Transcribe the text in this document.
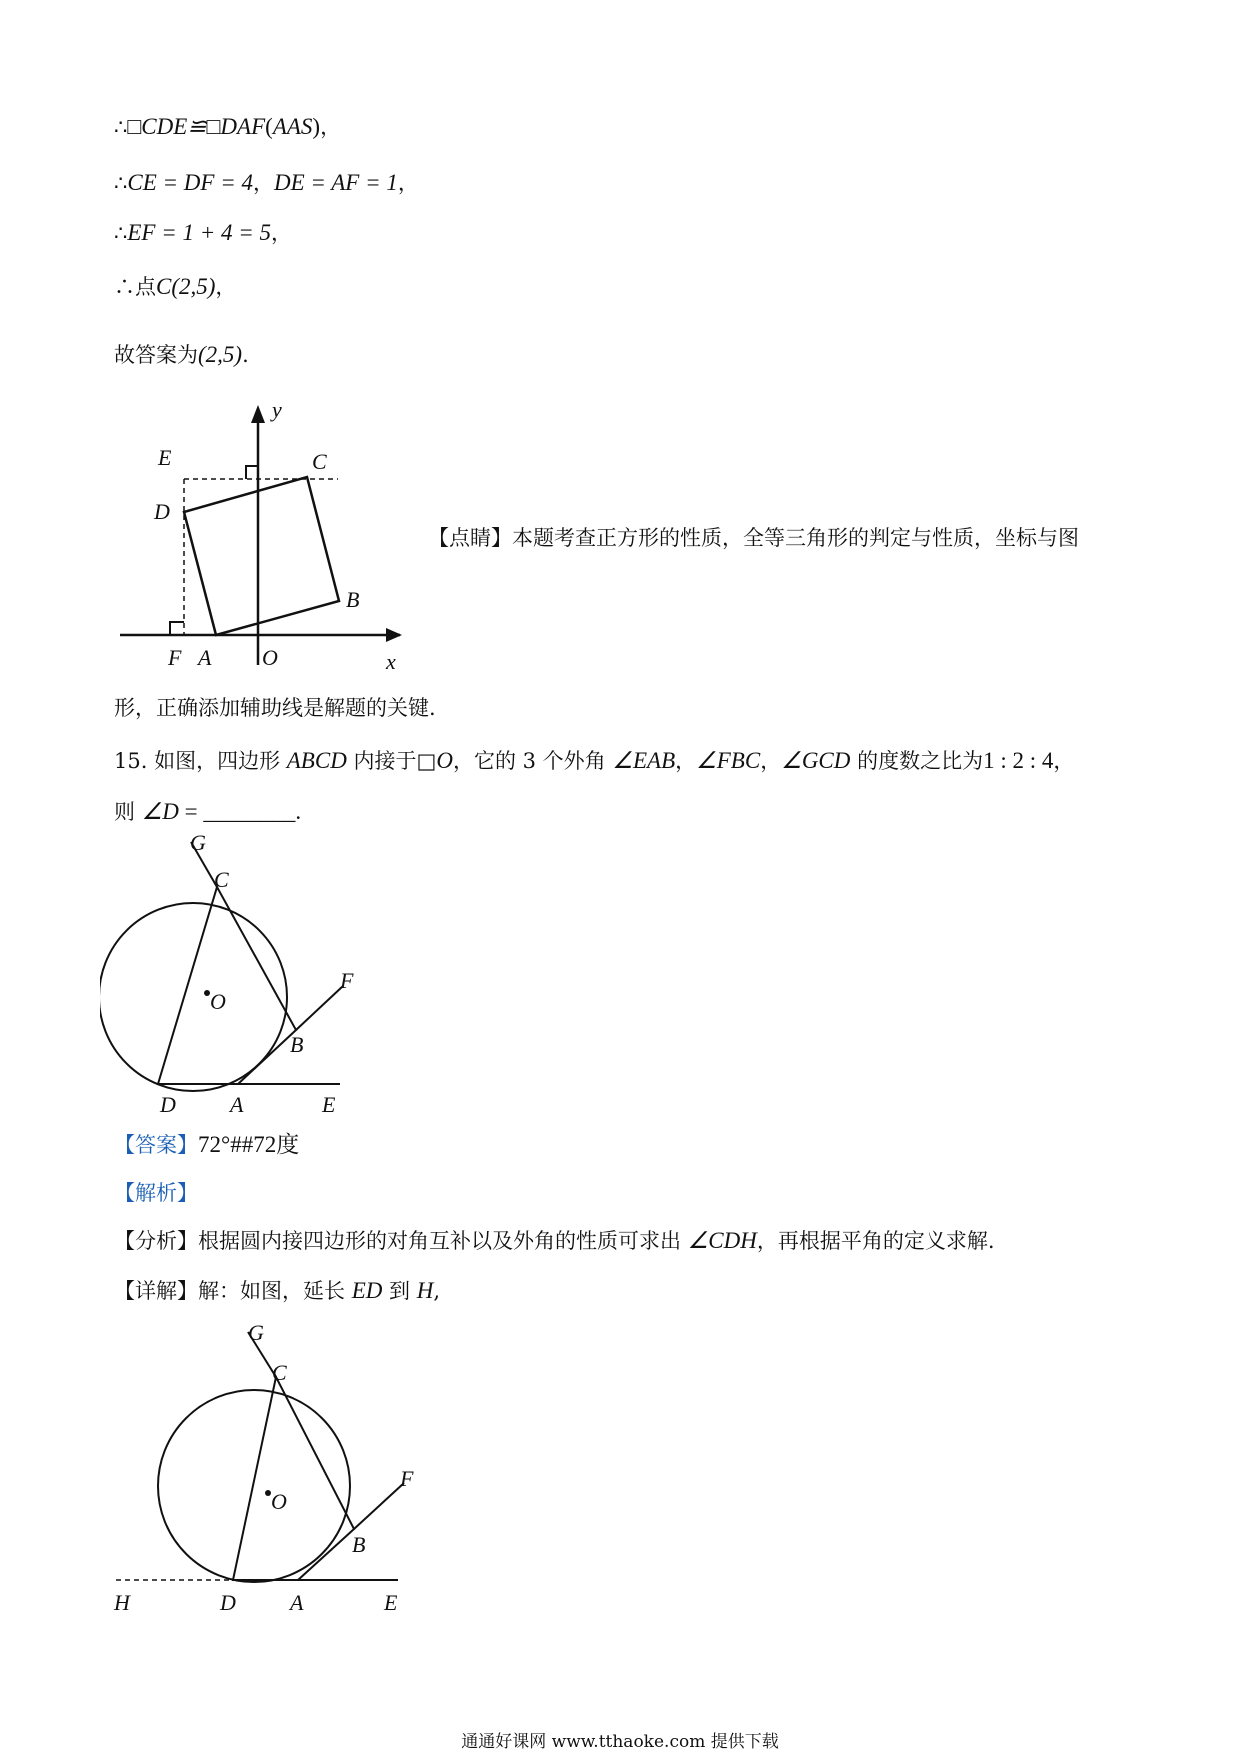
∴□CDE≌□DAF(AAS)，
∴CE = DF = 4，DE = AF = 1，
∴EF = 1 + 4 = 5，
∴点C(2,5)，
故答案为(2,5).
y
x
E	C
D
B
F A O
【点睛】本题考查正方形的性质，全等三角形的判定与性质，坐标与图
形，正确添加辅助线是解题的关键.
15. 如图，四边形 ABCD 内接于□O，它的 3 个外角 ∠EAB，∠FBC，∠GCD 的度数之比为1 : 2 : 4，
则 ∠D = ________.
G
C
O
F
B
D A	E
【答案】72°##72度
【解析】
【分析】根据圆内接四边形的对角互补以及外角的性质可求出 ∠CDH，再根据平角的定义求解.
【详解】解：如图，延长 ED 到 H,
G
C
O
F
B
H	D A	E
通通好课网 www.tthaoke.com 提供下载
